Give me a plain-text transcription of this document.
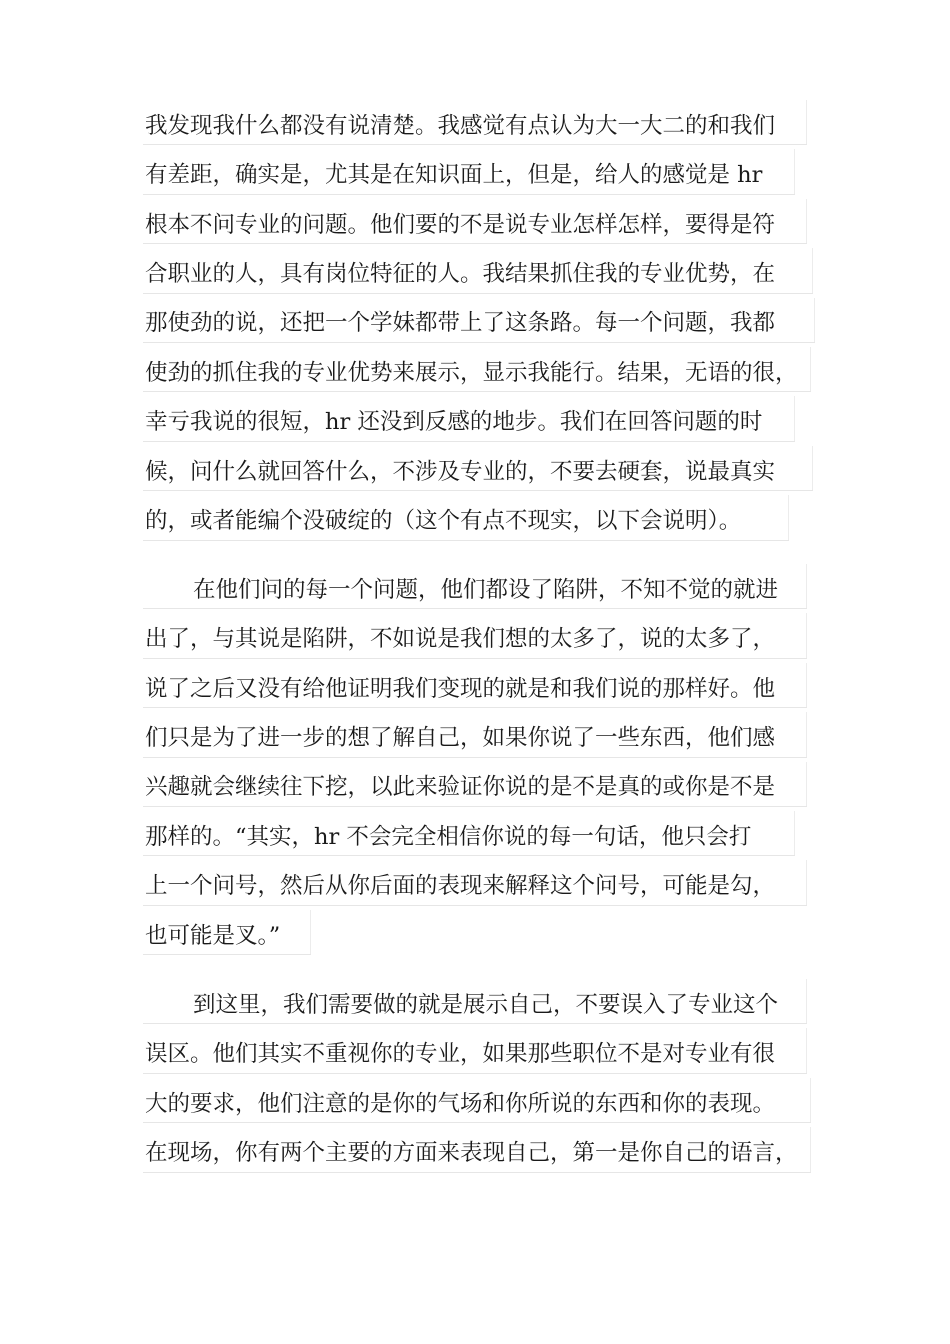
我发现我什么都没有说清楚。我感觉有点认为大一大二的和我们
有差距，确实是，尤其是在知识面上，但是，给人的感觉是 hr
根本不问专业的问题。他们要的不是说专业怎样怎样，要得是符
合职业的人，具有岗位特征的人。我结果抓住我的专业优势，在
那使劲的说，还把一个学妹都带上了这条路。每一个问题，我都
使劲的抓住我的专业优势来展示，显示我能行。结果，无语的很，
幸亏我说的很短，hr 还没到反感的地步。我们在回答问题的时
候，问什么就回答什么，不涉及专业的，不要去硬套，说最真实
的，或者能编个没破绽的（这个有点不现实，以下会说明）。
在他们问的每一个问题，他们都设了陷阱，不知不觉的就进
出了，与其说是陷阱，不如说是我们想的太多了，说的太多了，
说了之后又没有给他证明我们变现的就是和我们说的那样好。他
们只是为了进一步的想了解自己，如果你说了一些东西，他们感
兴趣就会继续往下挖，以此来验证你说的是不是真的或你是不是
那样的。“其实，hr 不会完全相信你说的每一句话，他只会打
上一个问号，然后从你后面的表现来解释这个问号，可能是勾，
也可能是叉。”
到这里，我们需要做的就是展示自己，不要误入了专业这个
误区。他们其实不重视你的专业，如果那些职位不是对专业有很
大的要求，他们注意的是你的气场和你所说的东西和你的表现。
在现场，你有两个主要的方面来表现自己，第一是你自己的语言，
